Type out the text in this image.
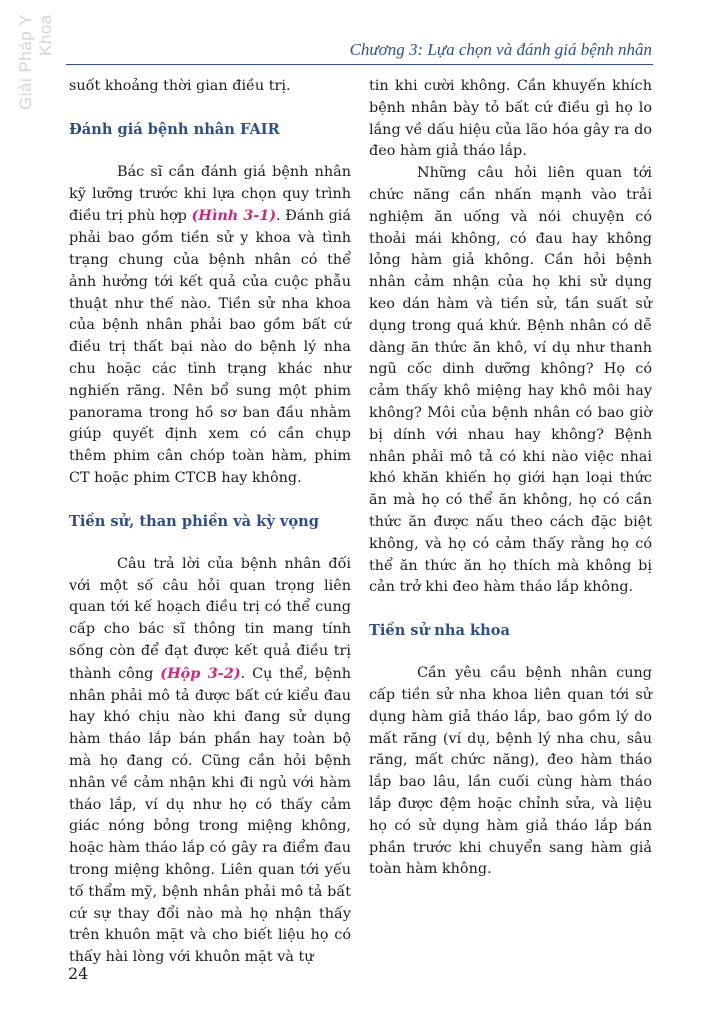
Giải Pháp Y Khoa	Chương 3: Lựa chọn và đánh giá bệnh nhân

suốt khoảng thời gian điều trị.

Đánh giá bệnh nhân FAIR

Bác sĩ cần đánh giá bệnh nhân kỹ lưỡng trước khi lựa chọn quy trình điều trị phù hợp (Hình 3-1). Đánh giá phải bao gồm tiền sử y khoa và tình trạng chung của bệnh nhân có thể ảnh hưởng tới kết quả của cuộc phẫu thuật như thế nào. Tiền sử nha khoa của bệnh nhân phải bao gồm bất cứ điều trị thất bại nào do bệnh lý nha chu hoặc các tình trạng khác như nghiến răng. Nên bổ sung một phim panorama trong hồ sơ ban đầu nhằm giúp quyết định xem có cần chụp thêm phim cân chóp toàn hàm, phim CT hoặc phim CTCB hay không.

Tiền sử, than phiền và kỳ vọng

Câu trả lời của bệnh nhân đối với một số câu hỏi quan trọng liên quan tới kế hoạch điều trị có thể cung cấp cho bác sĩ thông tin mang tính sống còn để đạt được kết quả điều trị thành công (Hộp 3-2). Cụ thể, bệnh nhân phải mô tả được bất cứ kiểu đau hay khó chịu nào khi đang sử dụng hàm tháo lắp bán phần hay toàn bộ mà họ đang có. Cũng cần hỏi bệnh nhân về cảm nhận khi đi ngủ với hàm tháo lắp, ví dụ như họ có thấy cảm giác nóng bỏng trong miệng không, hoặc hàm tháo lắp có gây ra điểm đau trong miệng không. Liên quan tới yếu tố thẩm mỹ, bệnh nhân phải mô tả bất cứ sự thay đổi nào mà họ nhận thấy trên khuôn mặt và cho biết liệu họ có thấy hài lòng với khuôn mặt và tự

tin khi cười không. Cần khuyến khích bệnh nhân bày tỏ bất cứ điều gì họ lo lắng về dấu hiệu của lão hóa gây ra do đeo hàm giả tháo lắp.

Những câu hỏi liên quan tới chức năng cần nhấn mạnh vào trải nghiệm ăn uống và nói chuyện có thoải mái không, có đau hay không lỏng hàm giả không. Cần hỏi bệnh nhân cảm nhận của họ khi sử dụng keo dán hàm và tiền sử, tần suất sử dụng trong quá khứ. Bệnh nhân có dễ dàng ăn thức ăn khô, ví dụ như thanh ngũ cốc dinh dưỡng không? Họ có cảm thấy khô miệng hay khô môi hay không? Môi của bệnh nhân có bao giờ bị dính với nhau hay không? Bệnh nhân phải mô tả có khi nào việc nhai khó khăn khiến họ giới hạn loại thức ăn mà họ có thể ăn không, họ có cần thức ăn được nấu theo cách đặc biệt không, và họ có cảm thấy rằng họ có thể ăn thức ăn họ thích mà không bị cản trở khi đeo hàm tháo lắp không.

Tiền sử nha khoa

Cần yêu cầu bệnh nhân cung cấp tiền sử nha khoa liên quan tới sử dụng hàm giả tháo lắp, bao gồm lý do mất răng (ví dụ, bệnh lý nha chu, sâu răng, mất chức năng), đeo hàm tháo lắp bao lâu, lần cuối cùng hàm tháo lắp được đệm hoặc chỉnh sửa, và liệu họ có sử dụng hàm giả tháo lắp bán phần trước khi chuyển sang hàm giả toàn hàm không.

24
